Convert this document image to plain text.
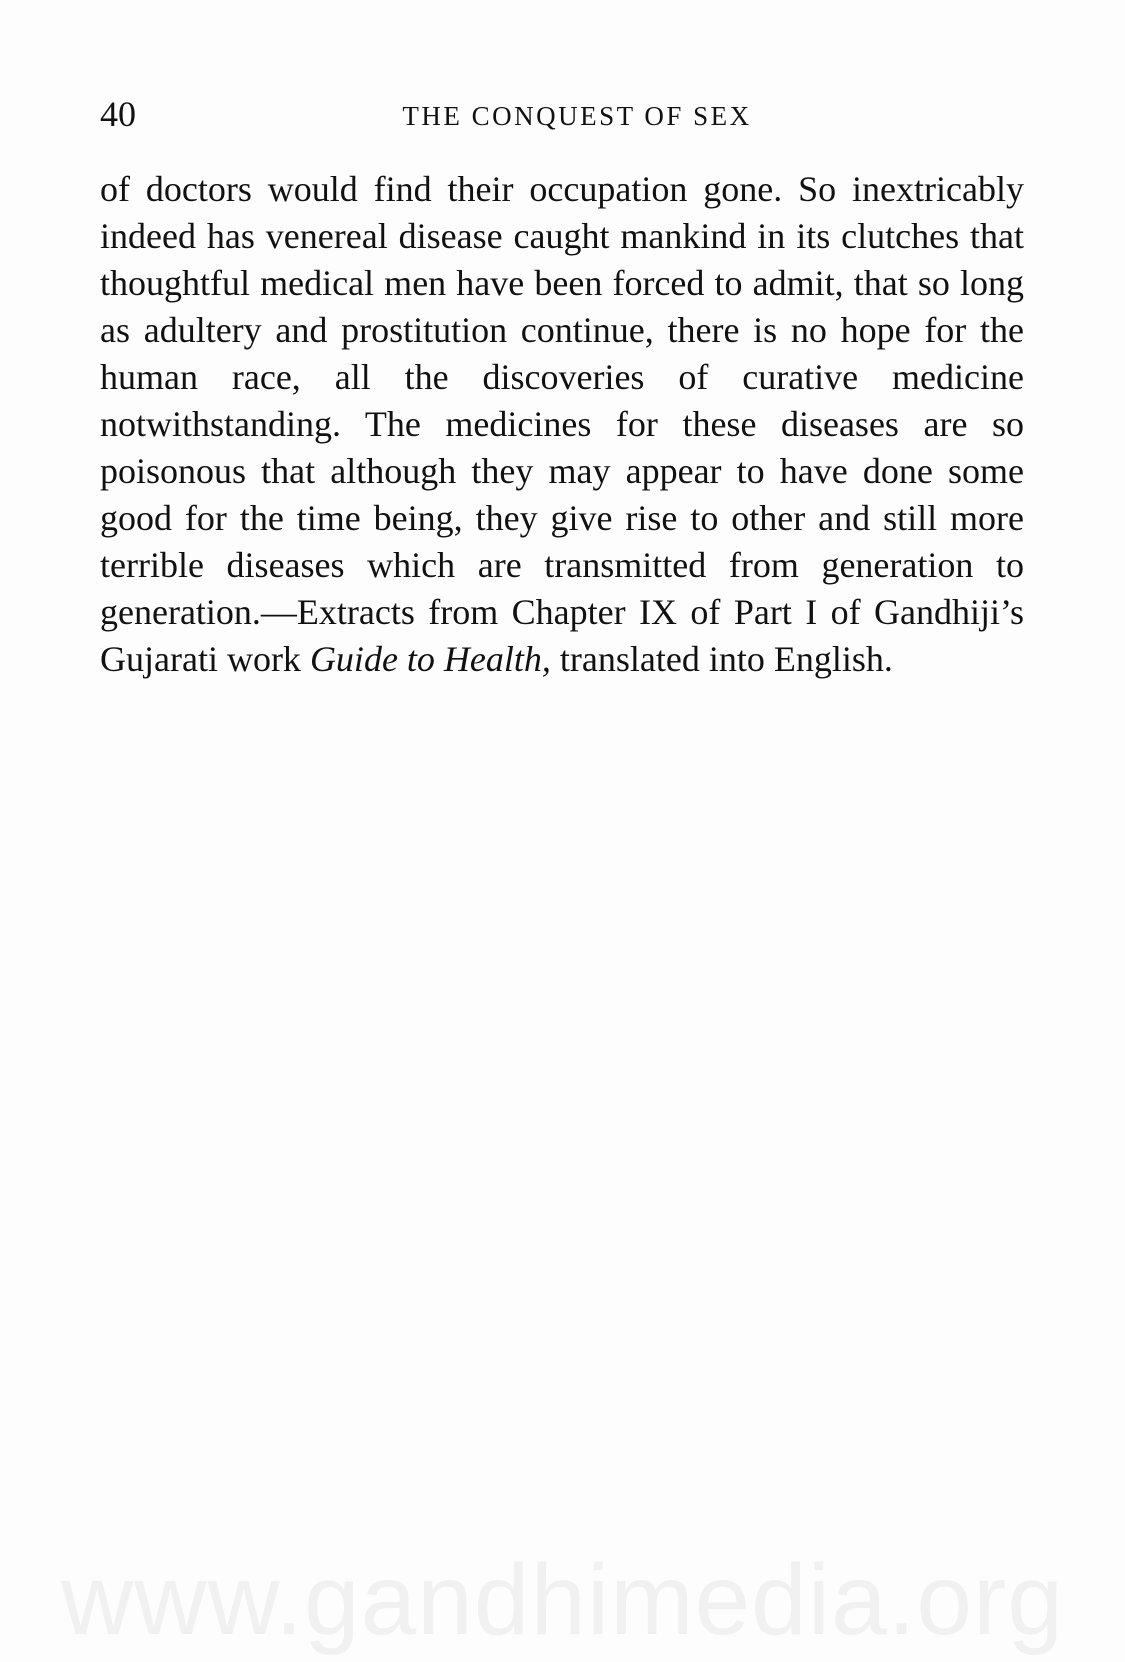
40	THE CONQUEST OF SEX

of doctors would find their occupation gone. So inextricably indeed has venereal disease caught mankind in its clutches that thoughtful medical men have been forced to admit, that so long as adultery and prostitution continue, there is no hope for the human race, all the discoveries of curative medicine notwithstanding. The medicines for these diseases are so poisonous that although they may appear to have done some good for the time being, they give rise to other and still more terrible diseases which are transmitted from generation to generation.—Extracts from Chapter IX of Part I of Gandhiji’s Gujarati work Guide to Health, translated into English.

www.gandhimedia.org
